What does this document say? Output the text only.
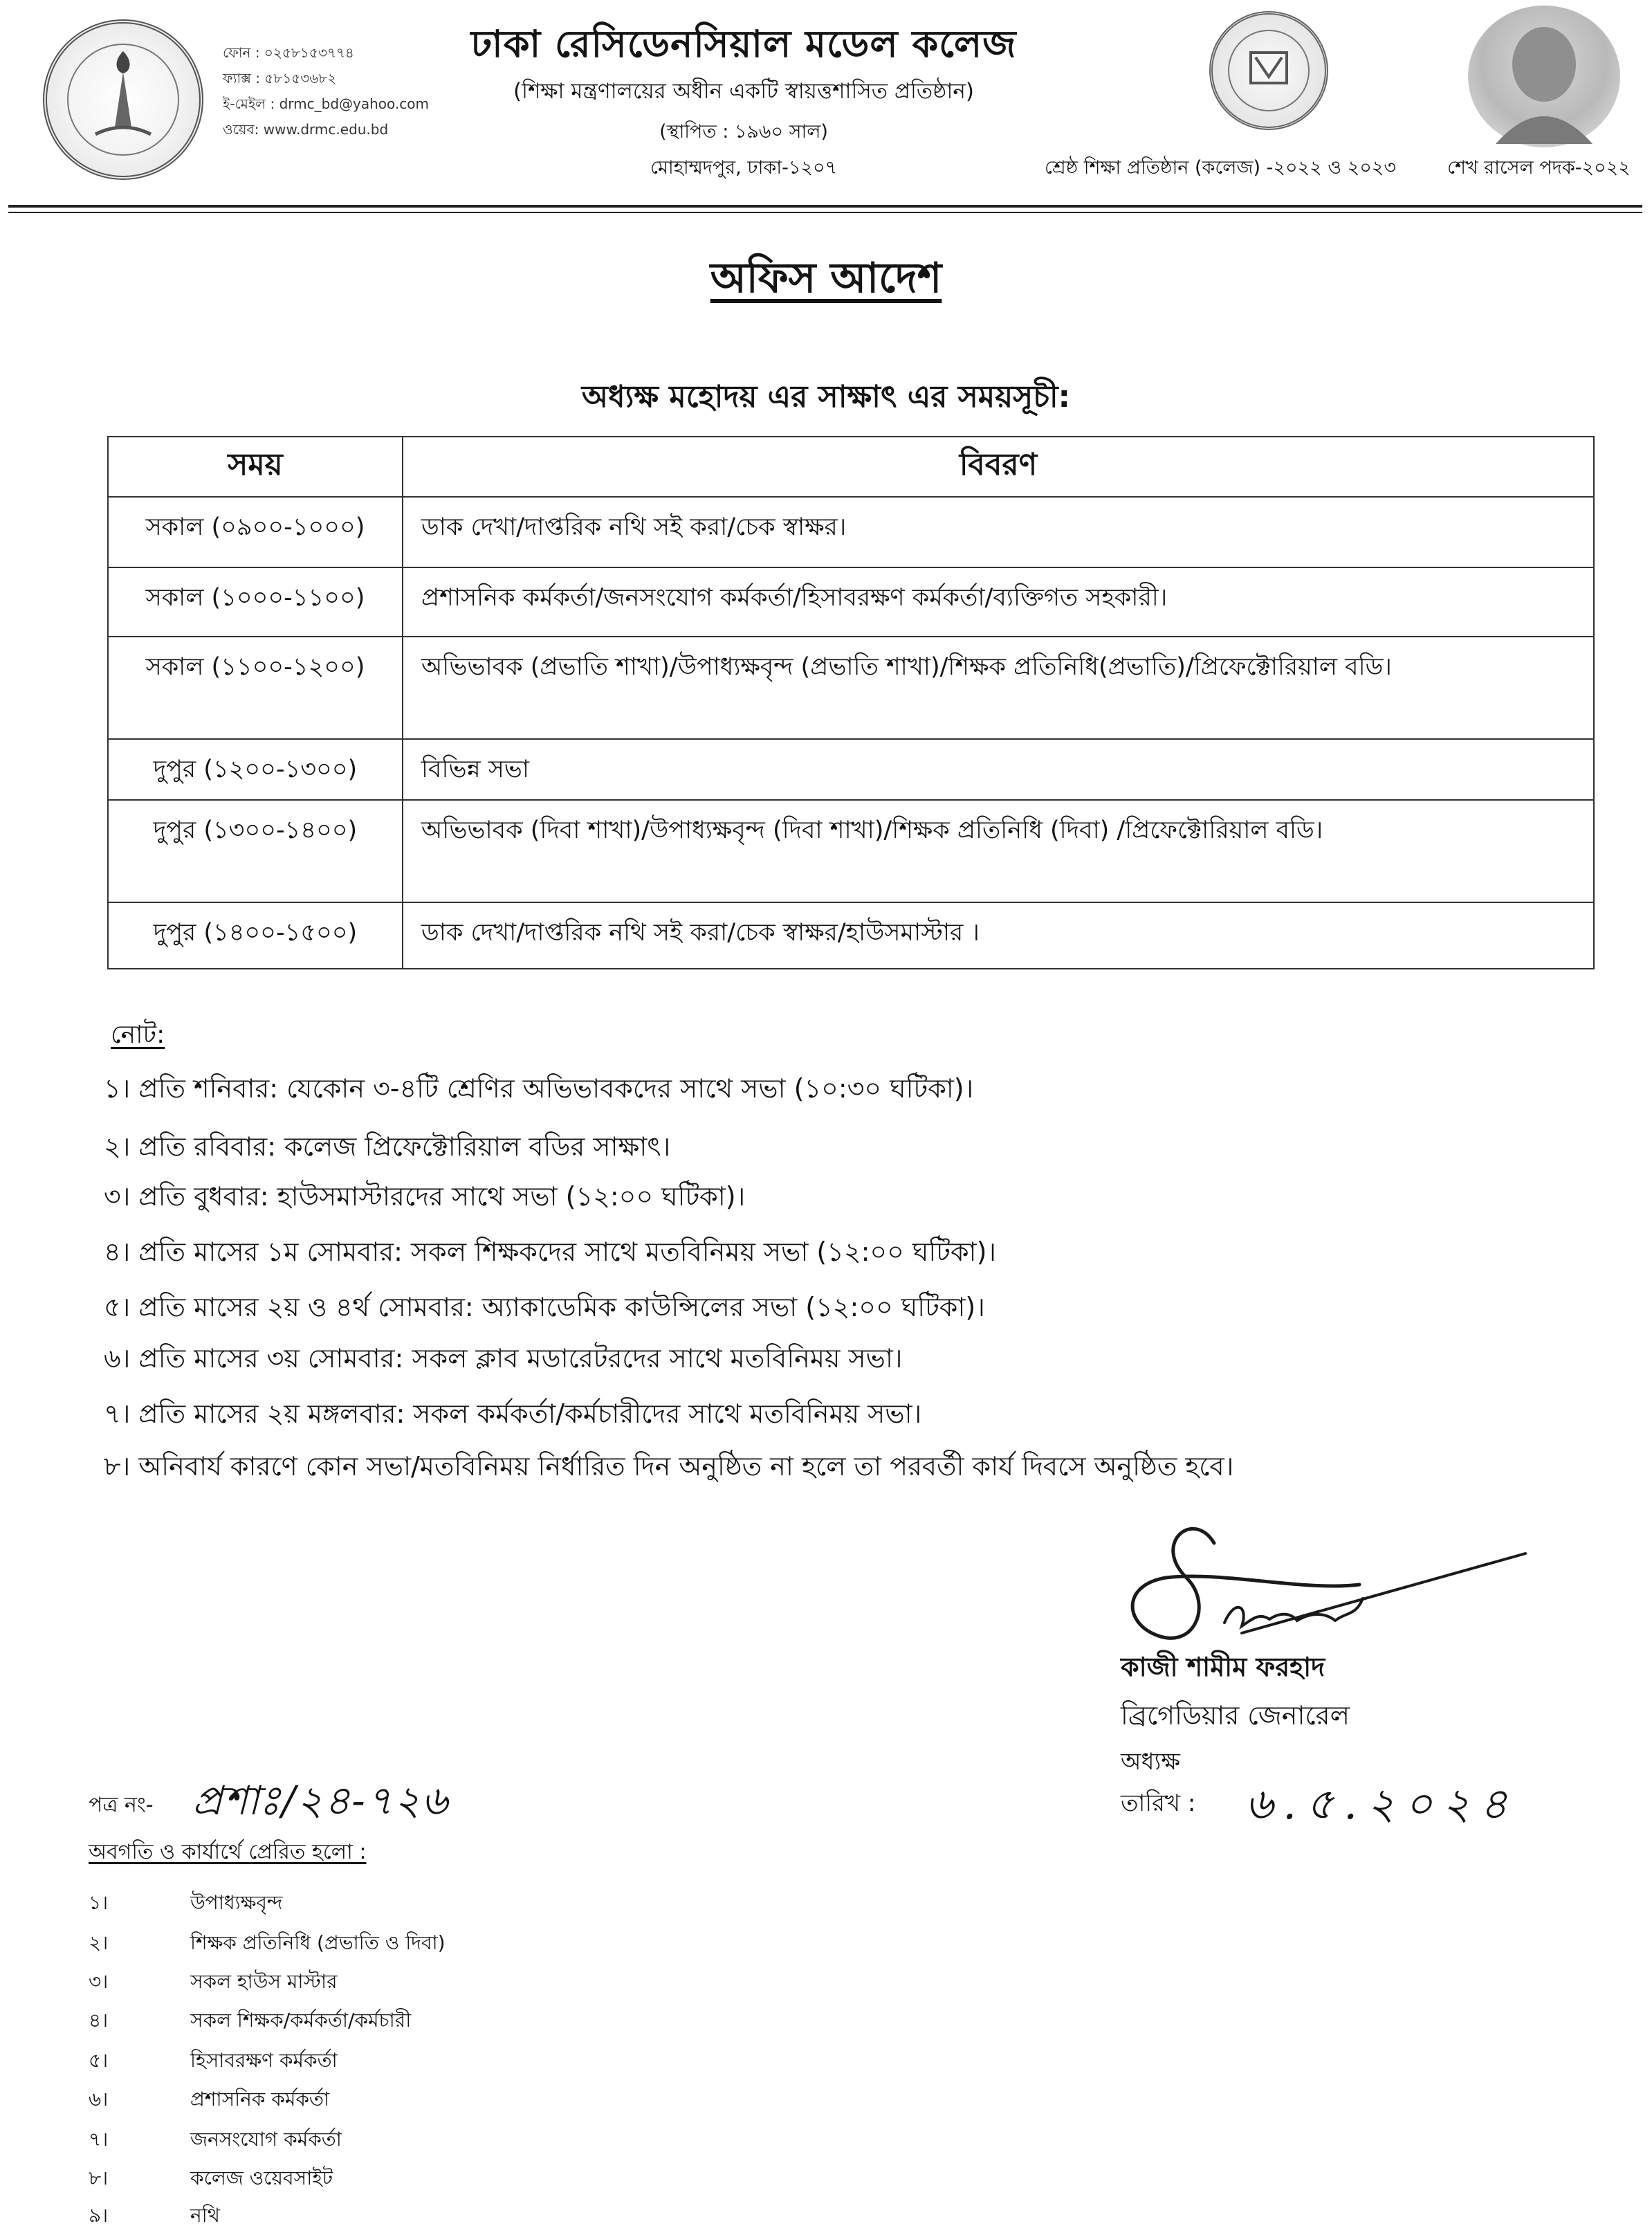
ফোন : ০২৫৮১৫৩৭৭৪
ফ্যাক্স : ৫৮১৫৩৬৮২
ই-মেইল : drmc_bd@yahoo.com
ওয়েব: www.drmc.edu.bd
ঢাকা রেসিডেনসিয়াল মডেল কলেজ
(শিক্ষা মন্ত্রণালয়ের অধীন একটি স্বায়ত্তশাসিত প্রতিষ্ঠান)
(স্থাপিত : ১৯৬০ সাল)
মোহাম্মদপুর, ঢাকা-১২০৭	শ্রেষ্ঠ শিক্ষা প্রতিষ্ঠান (কলেজ) -২০২২ ও ২০২৩	শেখ রাসেল পদক-২০২২
অফিস আদেশ
অধ্যক্ষ মহোদয় এর সাক্ষাৎ এর সময়সূচী:
সময়	বিবরণ
সকাল (০৯০০-১০০০)	ডাক দেখা/দাপ্তরিক নথি সই করা/চেক স্বাক্ষর।
সকাল (১০০০-১১০০)	প্রশাসনিক কর্মকর্তা/জনসংযোগ কর্মকর্তা/হিসাবরক্ষণ কর্মকর্তা/ব্যক্তিগত সহকারী।
সকাল (১১০০-১২০০)	অভিভাবক (প্রভাতি শাখা)/উপাধ্যক্ষবৃন্দ (প্রভাতি শাখা)/শিক্ষক প্রতিনিধি(প্রভাতি)/প্রিফেক্টোরিয়াল বডি।
দুপুর (১২০০-১৩০০)	বিভিন্ন সভা
দুপুর (১৩০০-১৪০০)	অভিভাবক (দিবা শাখা)/উপাধ্যক্ষবৃন্দ (দিবা শাখা)/শিক্ষক প্রতিনিধি (দিবা) /প্রিফেক্টোরিয়াল বডি।
দুপুর (১৪০০-১৫০০)	ডাক দেখা/দাপ্তরিক নথি সই করা/চেক স্বাক্ষর/হাউসমাস্টার ।
নোট:
১। প্রতি শনিবার: যেকোন ৩-৪টি শ্রেণির অভিভাবকদের সাথে সভা (১০:৩০ ঘটিকা)।
২। প্রতি রবিবার: কলেজ প্রিফেক্টোরিয়াল বডির সাক্ষাৎ।
৩। প্রতি বুধবার: হাউসমাস্টারদের সাথে সভা (১২:০০ ঘটিকা)।
৪। প্রতি মাসের ১ম সোমবার: সকল শিক্ষকদের সাথে মতবিনিময় সভা (১২:০০ ঘটিকা)।
৫। প্রতি মাসের ২য় ও ৪র্থ সোমবার: অ্যাকাডেমিক কাউন্সিলের সভা (১২:০০ ঘটিকা)।
৬। প্রতি মাসের ৩য় সোমবার: সকল ক্লাব মডারেটরদের সাথে মতবিনিময় সভা।
৭। প্রতি মাসের ২য় মঙ্গলবার: সকল কর্মকর্তা/কর্মচারীদের সাথে মতবিনিময় সভা।
৮। অনিবার্য কারণে কোন সভা/মতবিনিময় নির্ধারিত দিন অনুষ্ঠিত না হলে তা পরবর্তী কার্য দিবসে অনুষ্ঠিত হবে।
কাজী শামীম ফরহাদ
ব্রিগেডিয়ার জেনারেল
অধ্যক্ষ
তারিখ : ৬.৫.২০২৪
পত্র নং- প্রশাঃ/২৪-৭২৬
অবগতি ও কার্যার্থে প্রেরিত হলো :
১।	উপাধ্যক্ষবৃন্দ
২।	শিক্ষক প্রতিনিধি (প্রভাতি ও দিবা)
৩।	সকল হাউস মাস্টার
৪।	সকল শিক্ষক/কর্মকর্তা/কর্মচারী
৫।	হিসাবরক্ষণ কর্মকর্তা
৬।	প্রশাসনিক কর্মকর্তা
৭।	জনসংযোগ কর্মকর্তা
৮।	কলেজ ওয়েবসাইট
৯।	নথি
